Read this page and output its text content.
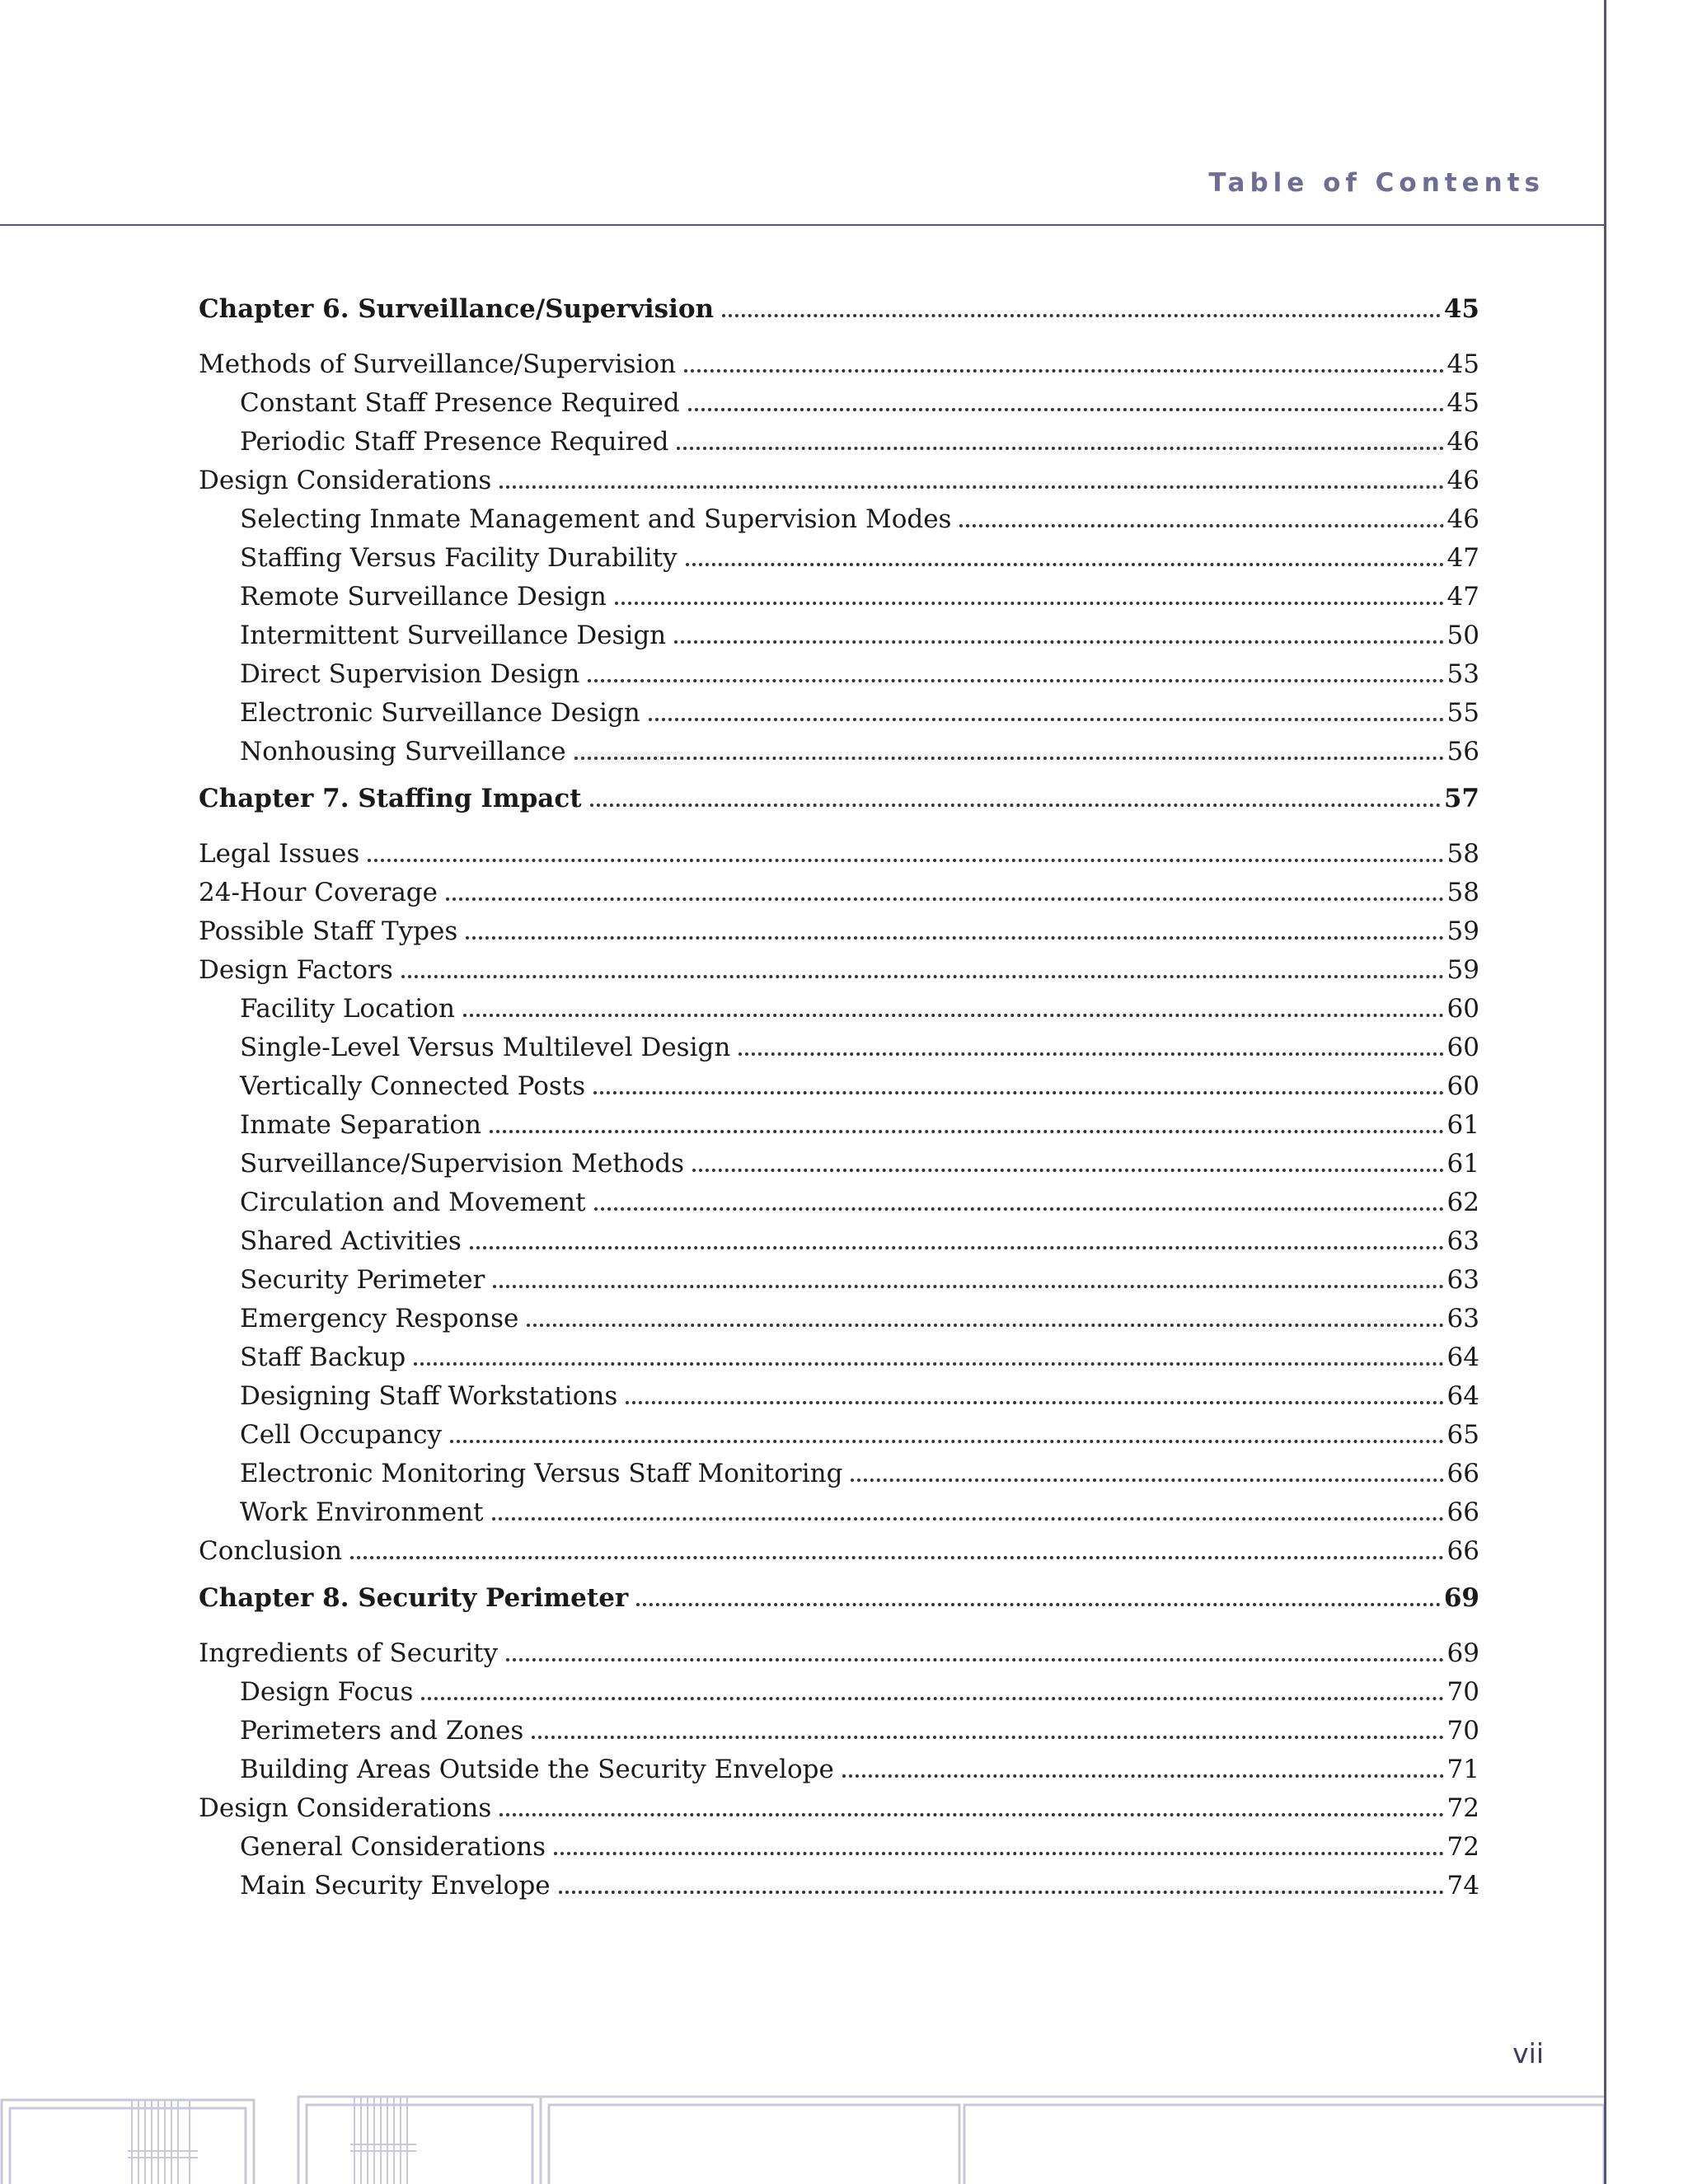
Table of Contents
Chapter 6. Surveillance/Supervision	45
Methods of Surveillance/Supervision	45
Constant Staff Presence Required	45
Periodic Staff Presence Required	46
Design Considerations	46
Selecting Inmate Management and Supervision Modes	46
Staffing Versus Facility Durability	47
Remote Surveillance Design	47
Intermittent Surveillance Design	50
Direct Supervision Design	53
Electronic Surveillance Design	55
Nonhousing Surveillance	56
Chapter 7. Staffing Impact	57
Legal Issues	58
24-Hour Coverage	58
Possible Staff Types	59
Design Factors	59
Facility Location	60
Single-Level Versus Multilevel Design	60
Vertically Connected Posts	60
Inmate Separation	61
Surveillance/Supervision Methods	61
Circulation and Movement	62
Shared Activities	63
Security Perimeter	63
Emergency Response	63
Staff Backup	64
Designing Staff Workstations	64
Cell Occupancy	65
Electronic Monitoring Versus Staff Monitoring	66
Work Environment	66
Conclusion	66
Chapter 8. Security Perimeter	69
Ingredients of Security	69
Design Focus	70
Perimeters and Zones	70
Building Areas Outside the Security Envelope	71
Design Considerations	72
General Considerations	72
Main Security Envelope	74
vii
